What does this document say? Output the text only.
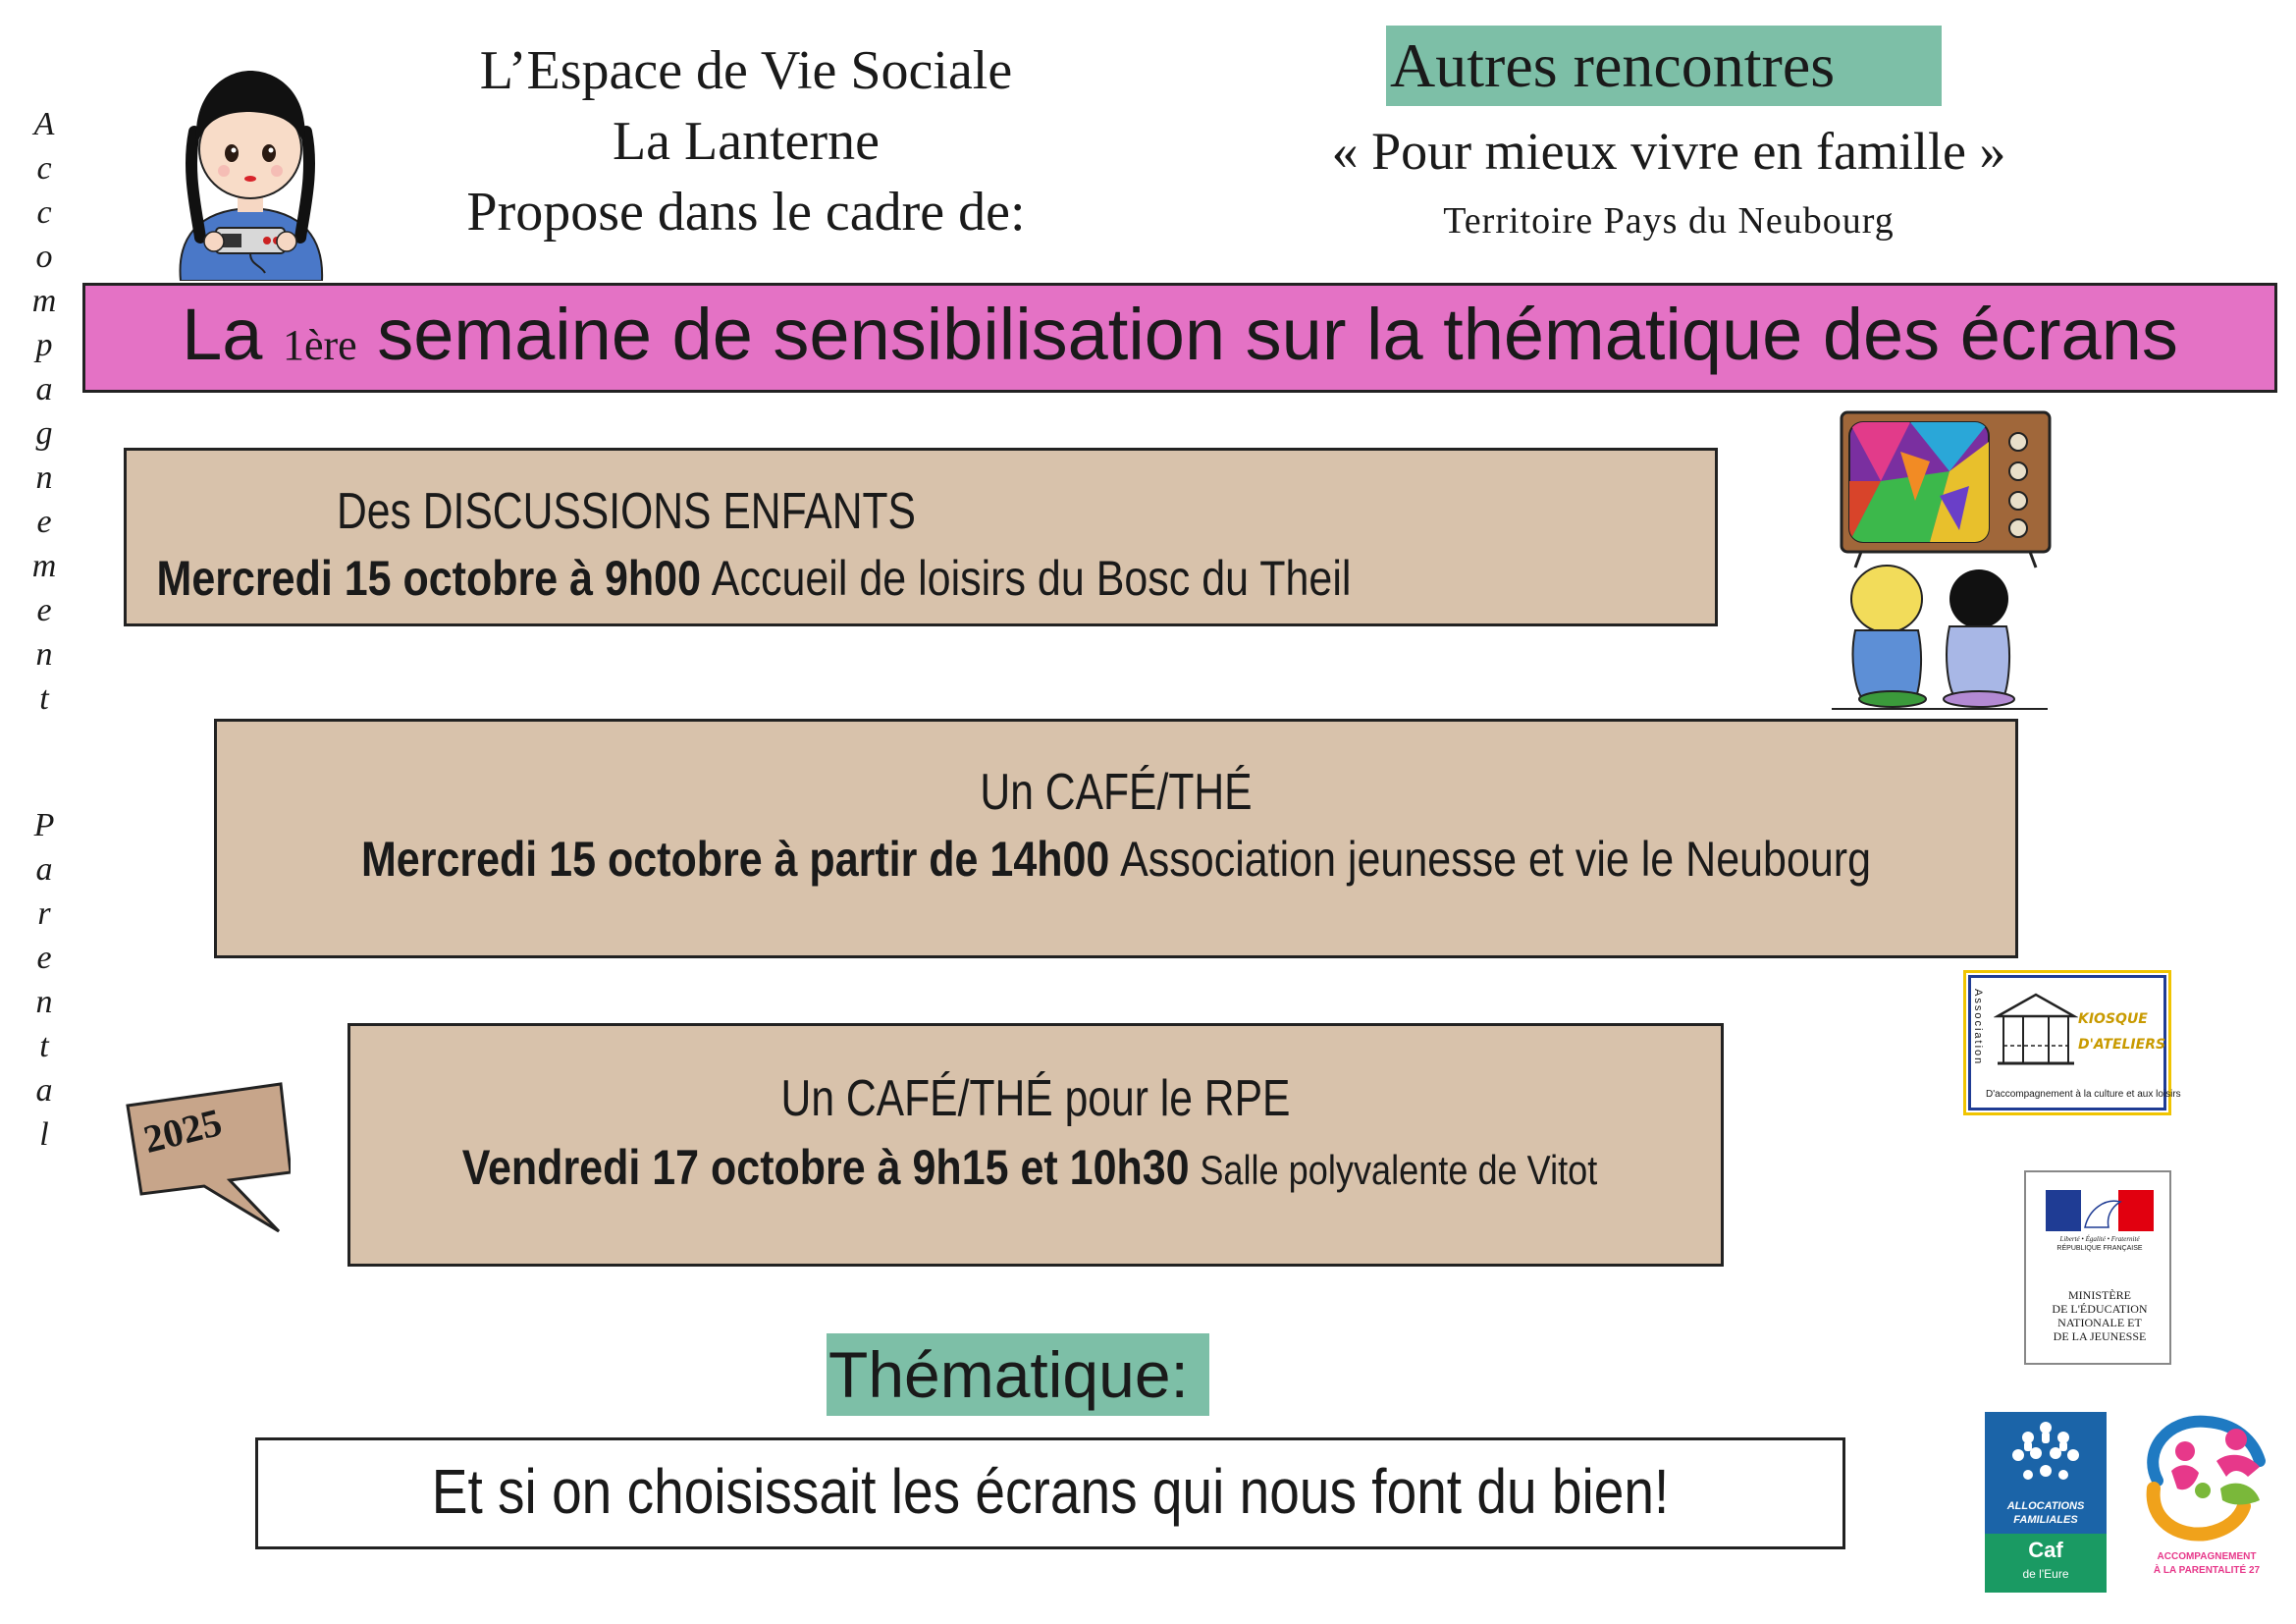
A
c
c
o
m
p
a
g
n
e
m
e
n
t
P
a
r
e
n
t
a
l
L’Espace de Vie Sociale
La Lanterne
Propose dans le cadre de:
Autres rencontres
« Pour mieux vivre en famille »
Territoire Pays du Neubourg
La 1ère semaine de sensibilisation sur la thématique des écrans
Des DISCUSSIONS ENFANTS
Mercredi 15 octobre à 9h00 Accueil de loisirs du Bosc du Theil
Un CAFÉ/THÉ
Mercredi 15 octobre à partir de 14h00 Association jeunesse et vie le Neubourg
Association	KIOSQUE D'ATELIERS
D'accompagnement à la culture et aux loisirs
2025
Un CAFÉ/THÉ pour le RPE
Vendredi 17 octobre à 9h15 et 10h30 Salle polyvalente de Vitot
Liberté • Égalité • Fraternité
RÉPUBLIQUE FRANÇAISE
MINISTÈRE
DE L'ÉDUCATION
NATIONALE ET
DE LA JEUNESSE
Thématique:
Et si on choisissait les écrans qui nous font du bien!	ALLOCATIONS
FAMILIALES
Caf
de l'Eure
ACCOMPAGNEMENT
À LA PARENTALITÉ 27
